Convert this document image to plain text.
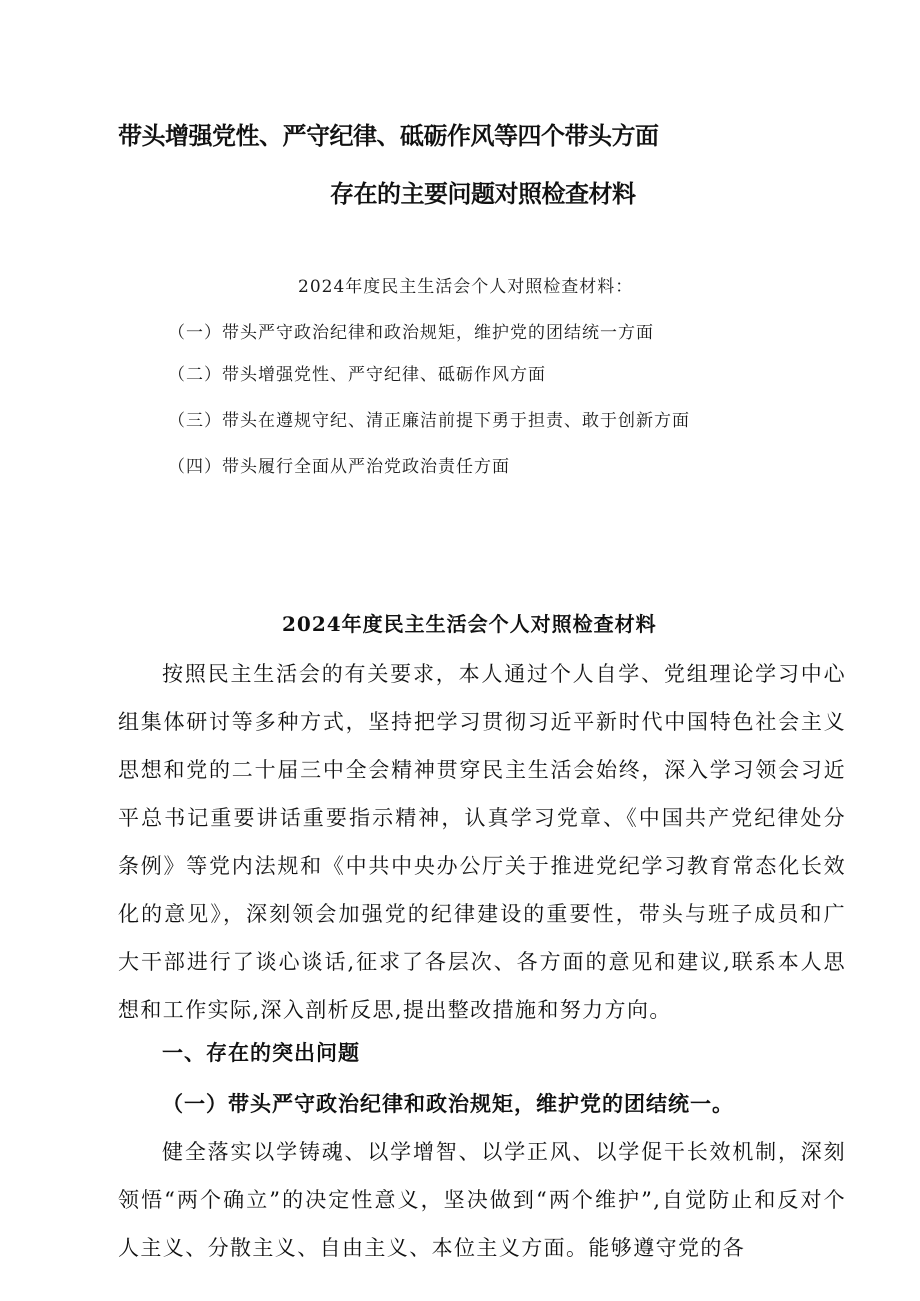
带头增强党性、严守纪律、砥砺作风等四个带头方面
存在的主要问题对照检查材料
2024年度民主生活会个人对照检查材料：
（一）带头严守政治纪律和政治规矩，维护党的团结统一方面
（二）带头增强党性、严守纪律、砥砺作风方面
（三）带头在遵规守纪、清正廉洁前提下勇于担责、敢于创新方面
（四）带头履行全面从严治党政治责任方面
2024年度民主生活会个人对照检查材料

按照民主生活会的有关要求，本人通过个人自学、党组理论学习中心组集体研讨等多种方式，坚持把学习贯彻习近平新时代中国特色社会主义思想和党的二十届三中全会精神贯穿民主生活会始终，深入学习领会习近平总书记重要讲话重要指示精神，认真学习党章、《中国共产党纪律处分条例》等党内法规和《中共中央办公厅关于推进党纪学习教育常态化长效化的意见》，深刻领会加强党的纪律建设的重要性，带头与班子成员和广大干部进行了谈心谈话,征求了各层次、各方面的意见和建议,联系本人思想和工作实际,深入剖析反思,提出整改措施和努力方向。

一、存在的突出问题
（一）带头严守政治纪律和政治规矩，维护党的团结统一。

健全落实以学铸魂、以学增智、以学正风、以学促干长效机制，深刻领悟“两个确立”的决定性意义，坚决做到“两个维护”,自觉防止和反对个人主义、分散主义、自由主义、本位主义方面。能够遵守党的各
